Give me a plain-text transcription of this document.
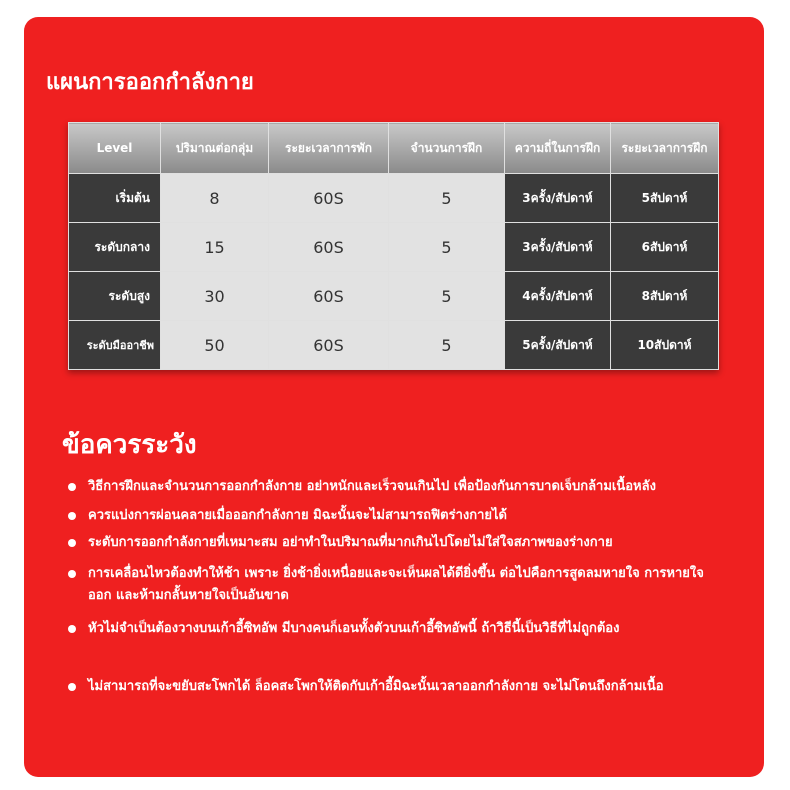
แผนการออกกำลังกาย
Level	ปริมาณต่อกลุ่ม	ระยะเวลาการพัก	จำนวนการฝึก	ความถี่ในการฝึก	ระยะเวลาการฝึก
เริ่มต้น	8	60S	5	3ครั้ง/สัปดาห์	5สัปดาห์
ระดับกลาง	15	60S	5	3ครั้ง/สัปดาห์	6สัปดาห์
ระดับสูง	30	60S	5	4ครั้ง/สัปดาห์	8สัปดาห์
ระดับมืออาชีพ	50	60S	5	5ครั้ง/สัปดาห์	10สัปดาห์
ข้อควรระวัง
วิธีการฝึกและจำนวนการออกกำลังกาย อย่าหนักและเร็วจนเกินไป เพื่อป้องกันการบาดเจ็บกล้ามเนื้อหลัง
ควรแบ่งการผ่อนคลายเมื่อออกกำลังกาย มิฉะนั้นจะไม่สามารถฟิตร่างกายได้
ระดับการออกกำลังกายที่เหมาะสม อย่าทำในปริมาณที่มากเกินไปโดยไม่ใส่ใจสภาพของร่างกาย
การเคลื่อนไหวต้องทำให้ช้า เพราะ ยิ่งช้ายิ่งเหนื่อยและจะเห็นผลได้ดียิ่งขึ้น ต่อไปคือการสูดลมหายใจ การหายใจออก และห้ามกลั้นหายใจเป็นอันขาด
หัวไม่จำเป็นต้องวางบนเก้าอี้ซิทอัพ มีบางคนก็เอนทั้งตัวบนเก้าอี้ซิทอัพนี้ ถ้าวิธีนี้เป็นวิธีที่ไม่ถูกต้อง
ไม่สามารถที่จะขยับสะโพกได้ ล็อคสะโพกให้ติดกับเก้าอี้มิฉะนั้นเวลาออกกำลังกาย จะไม่โดนถึงกล้ามเนื้อ
